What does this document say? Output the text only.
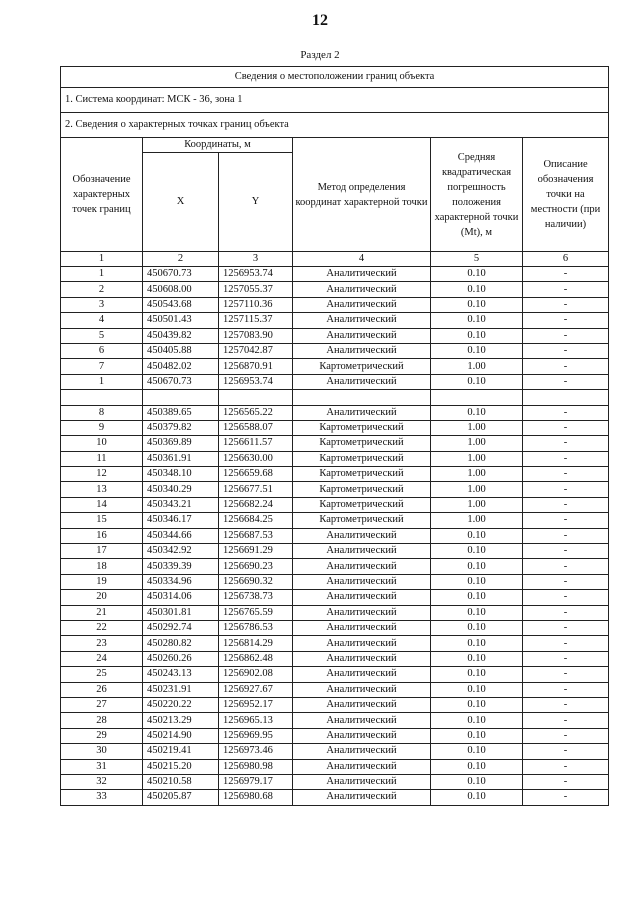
12
Раздел 2
Сведения о местоположении границ объекта					
1. Система координат: МСК - 36, зона 1					
2. Сведения о характерных точках границ объекта					
Обозначение характерных точек границ	Координаты, м		Метод определения координат характерной точки	Средняя квадратическая погрешность положения характерной точки (Mt), м	Описание обозначения точки на местности (при наличии)
	X	Y			
1	2	3	4	5	6
1	450670.73	1256953.74	Аналитический	0.10	-
2	450608.00	1257055.37	Аналитический	0.10	-
3	450543.68	1257110.36	Аналитический	0.10	-
4	450501.43	1257115.37	Аналитический	0.10	-
5	450439.82	1257083.90	Аналитический	0.10	-
6	450405.88	1257042.87	Аналитический	0.10	-
7	450482.02	1256870.91	Картометрический	1.00	-
1	450670.73	1256953.74	Аналитический	0.10	-

8	450389.65	1256565.22	Аналитический	0.10	-
9	450379.82	1256588.07	Картометрический	1.00	-
10	450369.89	1256611.57	Картометрический	1.00	-
11	450361.91	1256630.00	Картометрический	1.00	-
12	450348.10	1256659.68	Картометрический	1.00	-
13	450340.29	1256677.51	Картометрический	1.00	-
14	450343.21	1256682.24	Картометрический	1.00	-
15	450346.17	1256684.25	Картометрический	1.00	-
16	450344.66	1256687.53	Аналитический	0.10	-
17	450342.92	1256691.29	Аналитический	0.10	-
18	450339.39	1256690.23	Аналитический	0.10	-
19	450334.96	1256690.32	Аналитический	0.10	-
20	450314.06	1256738.73	Аналитический	0.10	-
21	450301.81	1256765.59	Аналитический	0.10	-
22	450292.74	1256786.53	Аналитический	0.10	-
23	450280.82	1256814.29	Аналитический	0.10	-
24	450260.26	1256862.48	Аналитический	0.10	-
25	450243.13	1256902.08	Аналитический	0.10	-
26	450231.91	1256927.67	Аналитический	0.10	-
27	450220.22	1256952.17	Аналитический	0.10	-
28	450213.29	1256965.13	Аналитический	0.10	-
29	450214.90	1256969.95	Аналитический	0.10	-
30	450219.41	1256973.46	Аналитический	0.10	-
31	450215.20	1256980.98	Аналитический	0.10	-
32	450210.58	1256979.17	Аналитический	0.10	-
33	450205.87	1256980.68	Аналитический	0.10	-
